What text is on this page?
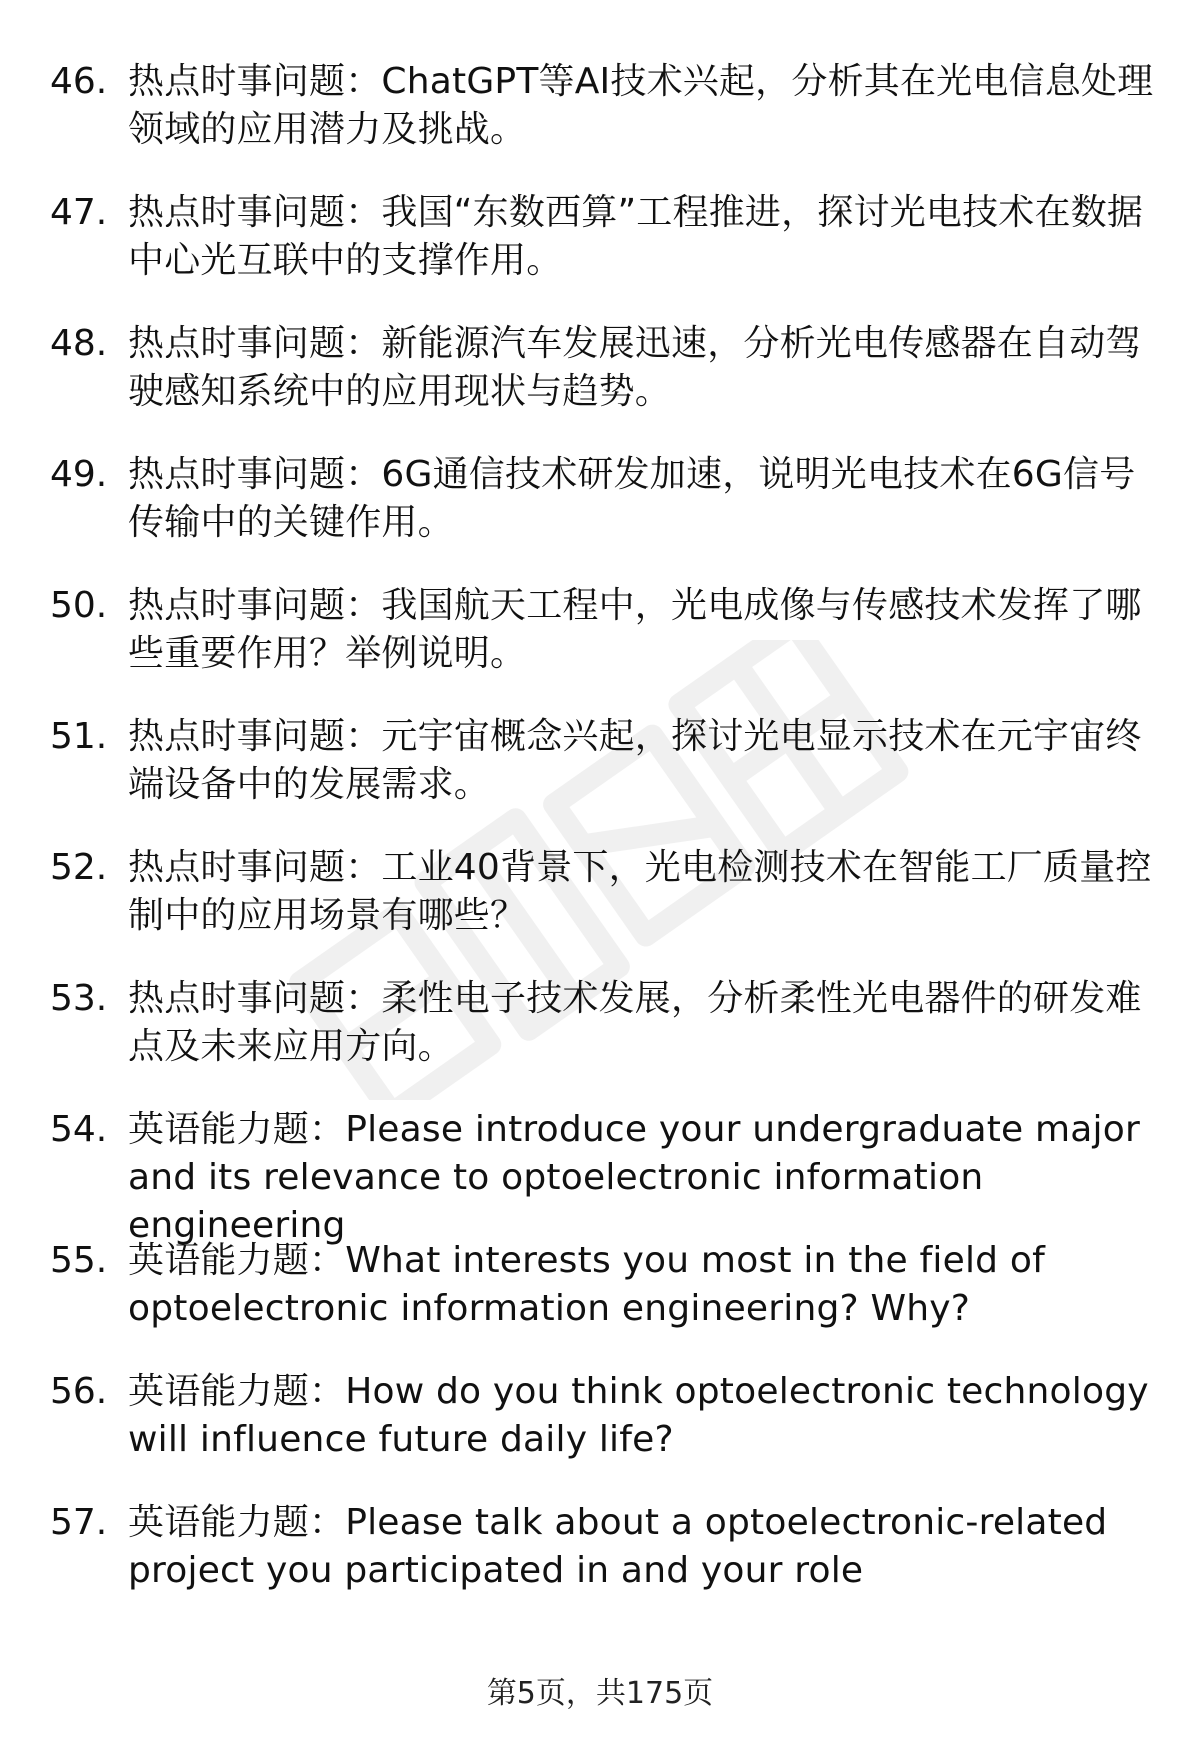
46. 热点时事问题：ChatGPT等AI技术兴起，分析其在光电信息处理领域的应用潜力及挑战。
47. 热点时事问题：我国“东数西算”工程推进，探讨光电技术在数据中心光互联中的支撑作用。
48. 热点时事问题：新能源汽车发展迅速，分析光电传感器在自动驾驶感知系统中的应用现状与趋势。
49. 热点时事问题：6G通信技术研发加速，说明光电技术在6G信号传输中的关键作用。
50. 热点时事问题：我国航天工程中，光电成像与传感技术发挥了哪些重要作用？举例说明。
51. 热点时事问题：元宇宙概念兴起，探讨光电显示技术在元宇宙终端设备中的发展需求。
52. 热点时事问题：工业40背景下，光电检测技术在智能工厂质量控制中的应用场景有哪些？
53. 热点时事问题：柔性电子技术发展，分析柔性光电器件的研发难点及未来应用方向。
54. 英语能力题：Please introduce your undergraduate major and its relevance to optoelectronic information engineering
55. 英语能力题：What interests you most in the field of optoelectronic information engineering? Why?
56. 英语能力题：How do you think optoelectronic technology will influence future daily life?
57. 英语能力题：Please talk about a optoelectronic-related project you participated in and your role
第5页，共175页
